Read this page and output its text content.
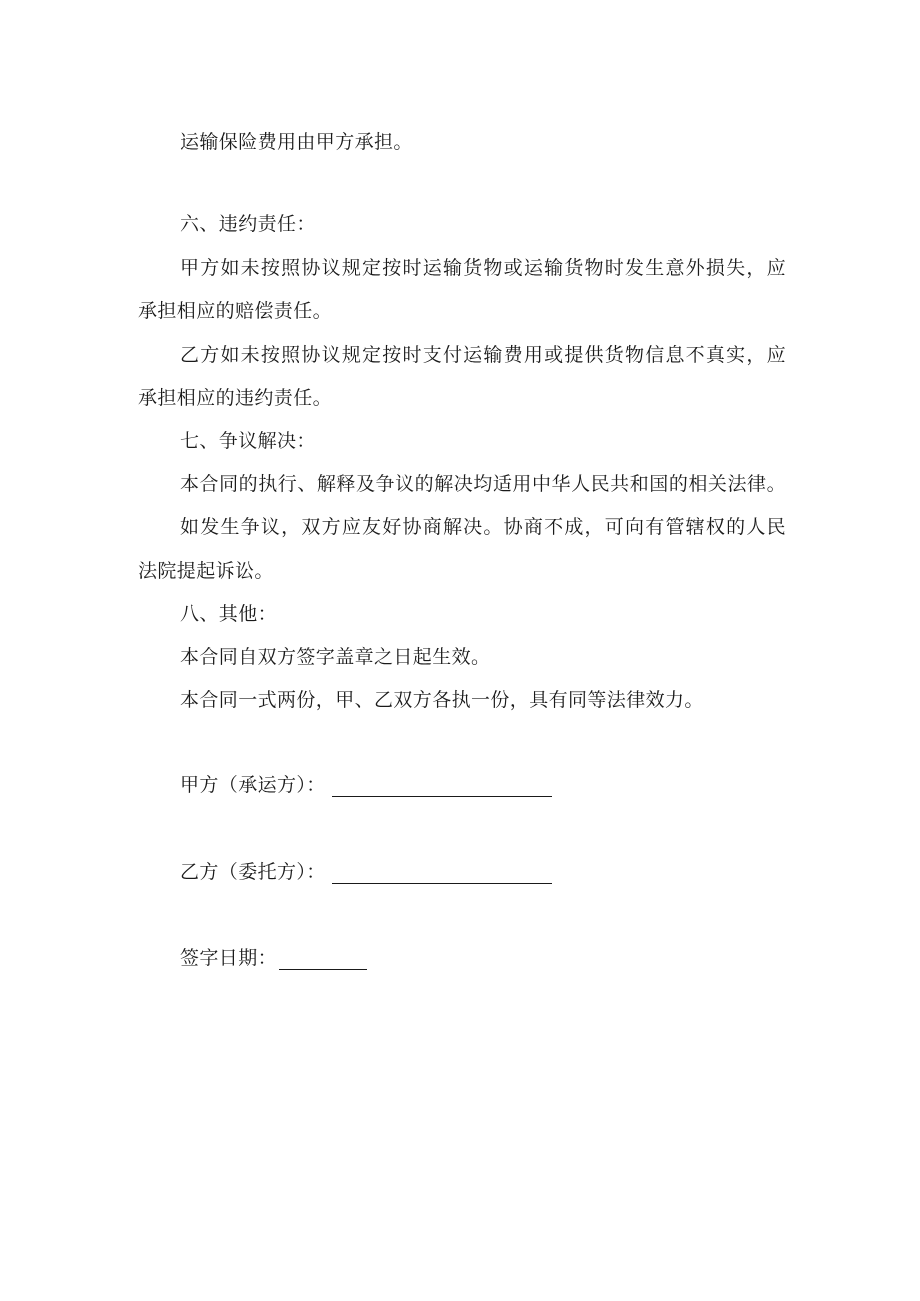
运输保险费用由甲方承担。
六、违约责任：
甲方如未按照协议规定按时运输货物或运输货物时发生意外损失，应
承担相应的赔偿责任。
乙方如未按照协议规定按时支付运输费用或提供货物信息不真实，应
承担相应的违约责任。
七、争议解决：
本合同的执行、解释及争议的解决均适用中华人民共和国的相关法律。
如发生争议，双方应友好协商解决。协商不成，可向有管辖权的人民
法院提起诉讼。
八、其他：
本合同自双方签字盖章之日起生效。
本合同一式两份，甲、乙双方各执一份，具有同等法律效力。
甲方（承运方）：
乙方（委托方）：
签字日期：
